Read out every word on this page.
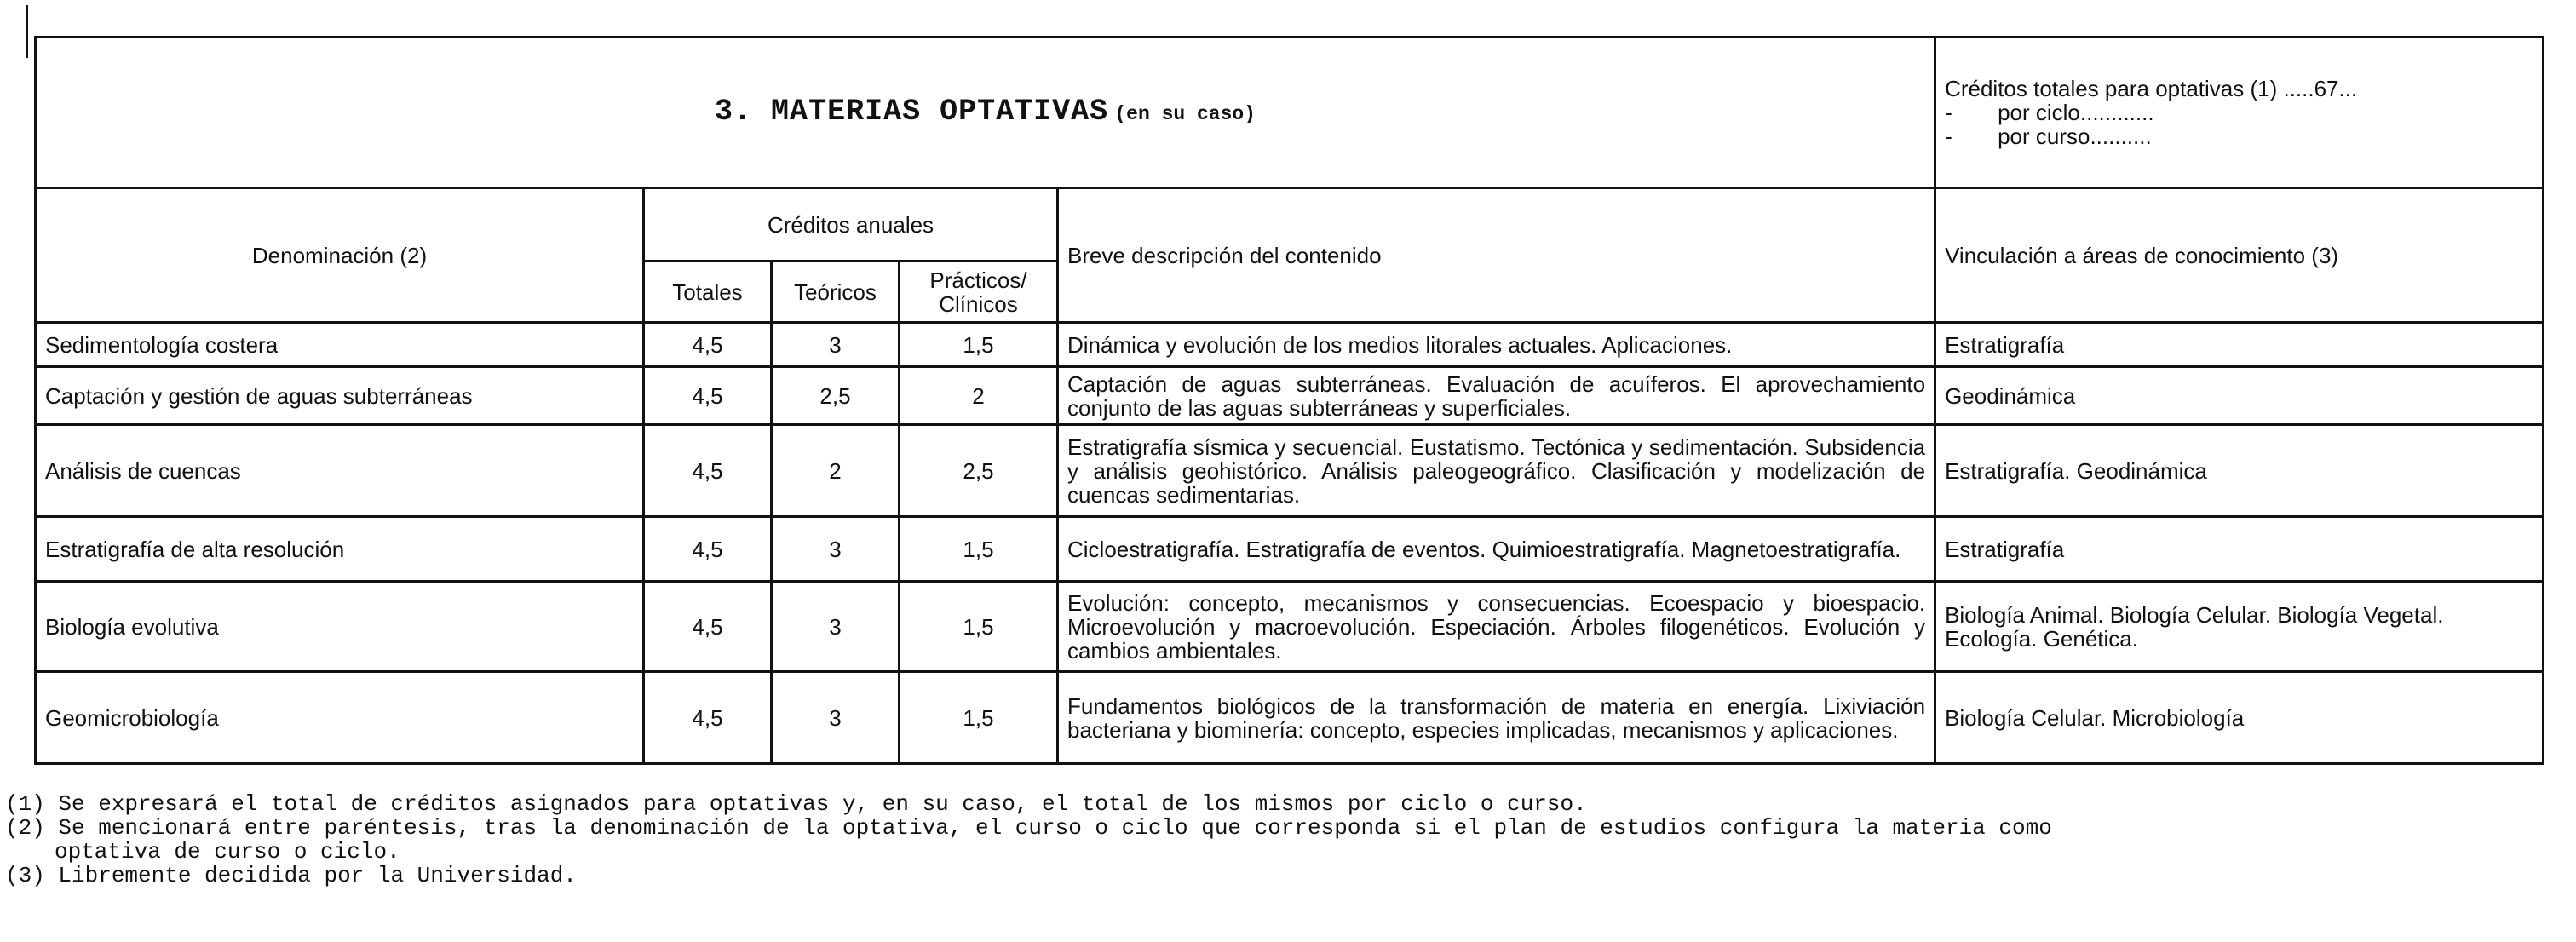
3. MATERIAS OPTATIVAS (en su caso)					Créditos totales para optativas (1) .....67...
- por ciclo............
- por curso..........

Denominación (2)	Créditos anuales			Breve descripción del contenido	Vinculación a áreas de conocimiento (3)
	Totales	Teóricos	Prácticos/
Clínicos		

Sedimentología costera	4,5	3	1,5	Dinámica y evolución de los medios litorales actuales. Aplicaciones.	Estratigrafía
Captación y gestión de aguas subterráneas	4,5	2,5	2	Captación de aguas subterráneas. Evaluación de acuíferos. El aprovechamiento conjunto de las aguas subterráneas y superficiales.	Geodinámica
Análisis de cuencas	4,5	2	2,5	Estratigrafía sísmica y secuencial. Eustatismo. Tectónica y sedimentación. Subsidencia y análisis geohistórico. Análisis paleogeográfico. Clasificación y modelización de cuencas sedimentarias.	Estratigrafía. Geodinámica
Estratigrafía de alta resolución	4,5	3	1,5	Cicloestratigrafía. Estratigrafía de eventos. Quimioestratigrafía. Magnetoestratigrafía.	Estratigrafía
Biología evolutiva	4,5	3	1,5	Evolución: concepto, mecanismos y consecuencias. Ecoespacio y bioespacio. Microevolución y macroevolución. Especiación. Árboles filogenéticos. Evolución y cambios ambientales.	Biología Animal. Biología Celular. Biología Vegetal. Ecología. Genética.
Geomicrobiología	4,5	3	1,5	Fundamentos biológicos de la transformación de materia en energía. Lixiviación bacteriana y biominería: concepto, especies implicadas, mecanismos y aplicaciones.	Biología Celular. Microbiología
(1) Se expresará el total de créditos asignados para optativas y, en su caso, el total de los mismos por ciclo o curso.
(2) Se mencionará entre paréntesis, tras la denominación de la optativa, el curso o ciclo que corresponda si el plan de estudios configura la materia como
optativa de curso o ciclo.
(3) Libremente decidida por la Universidad.
